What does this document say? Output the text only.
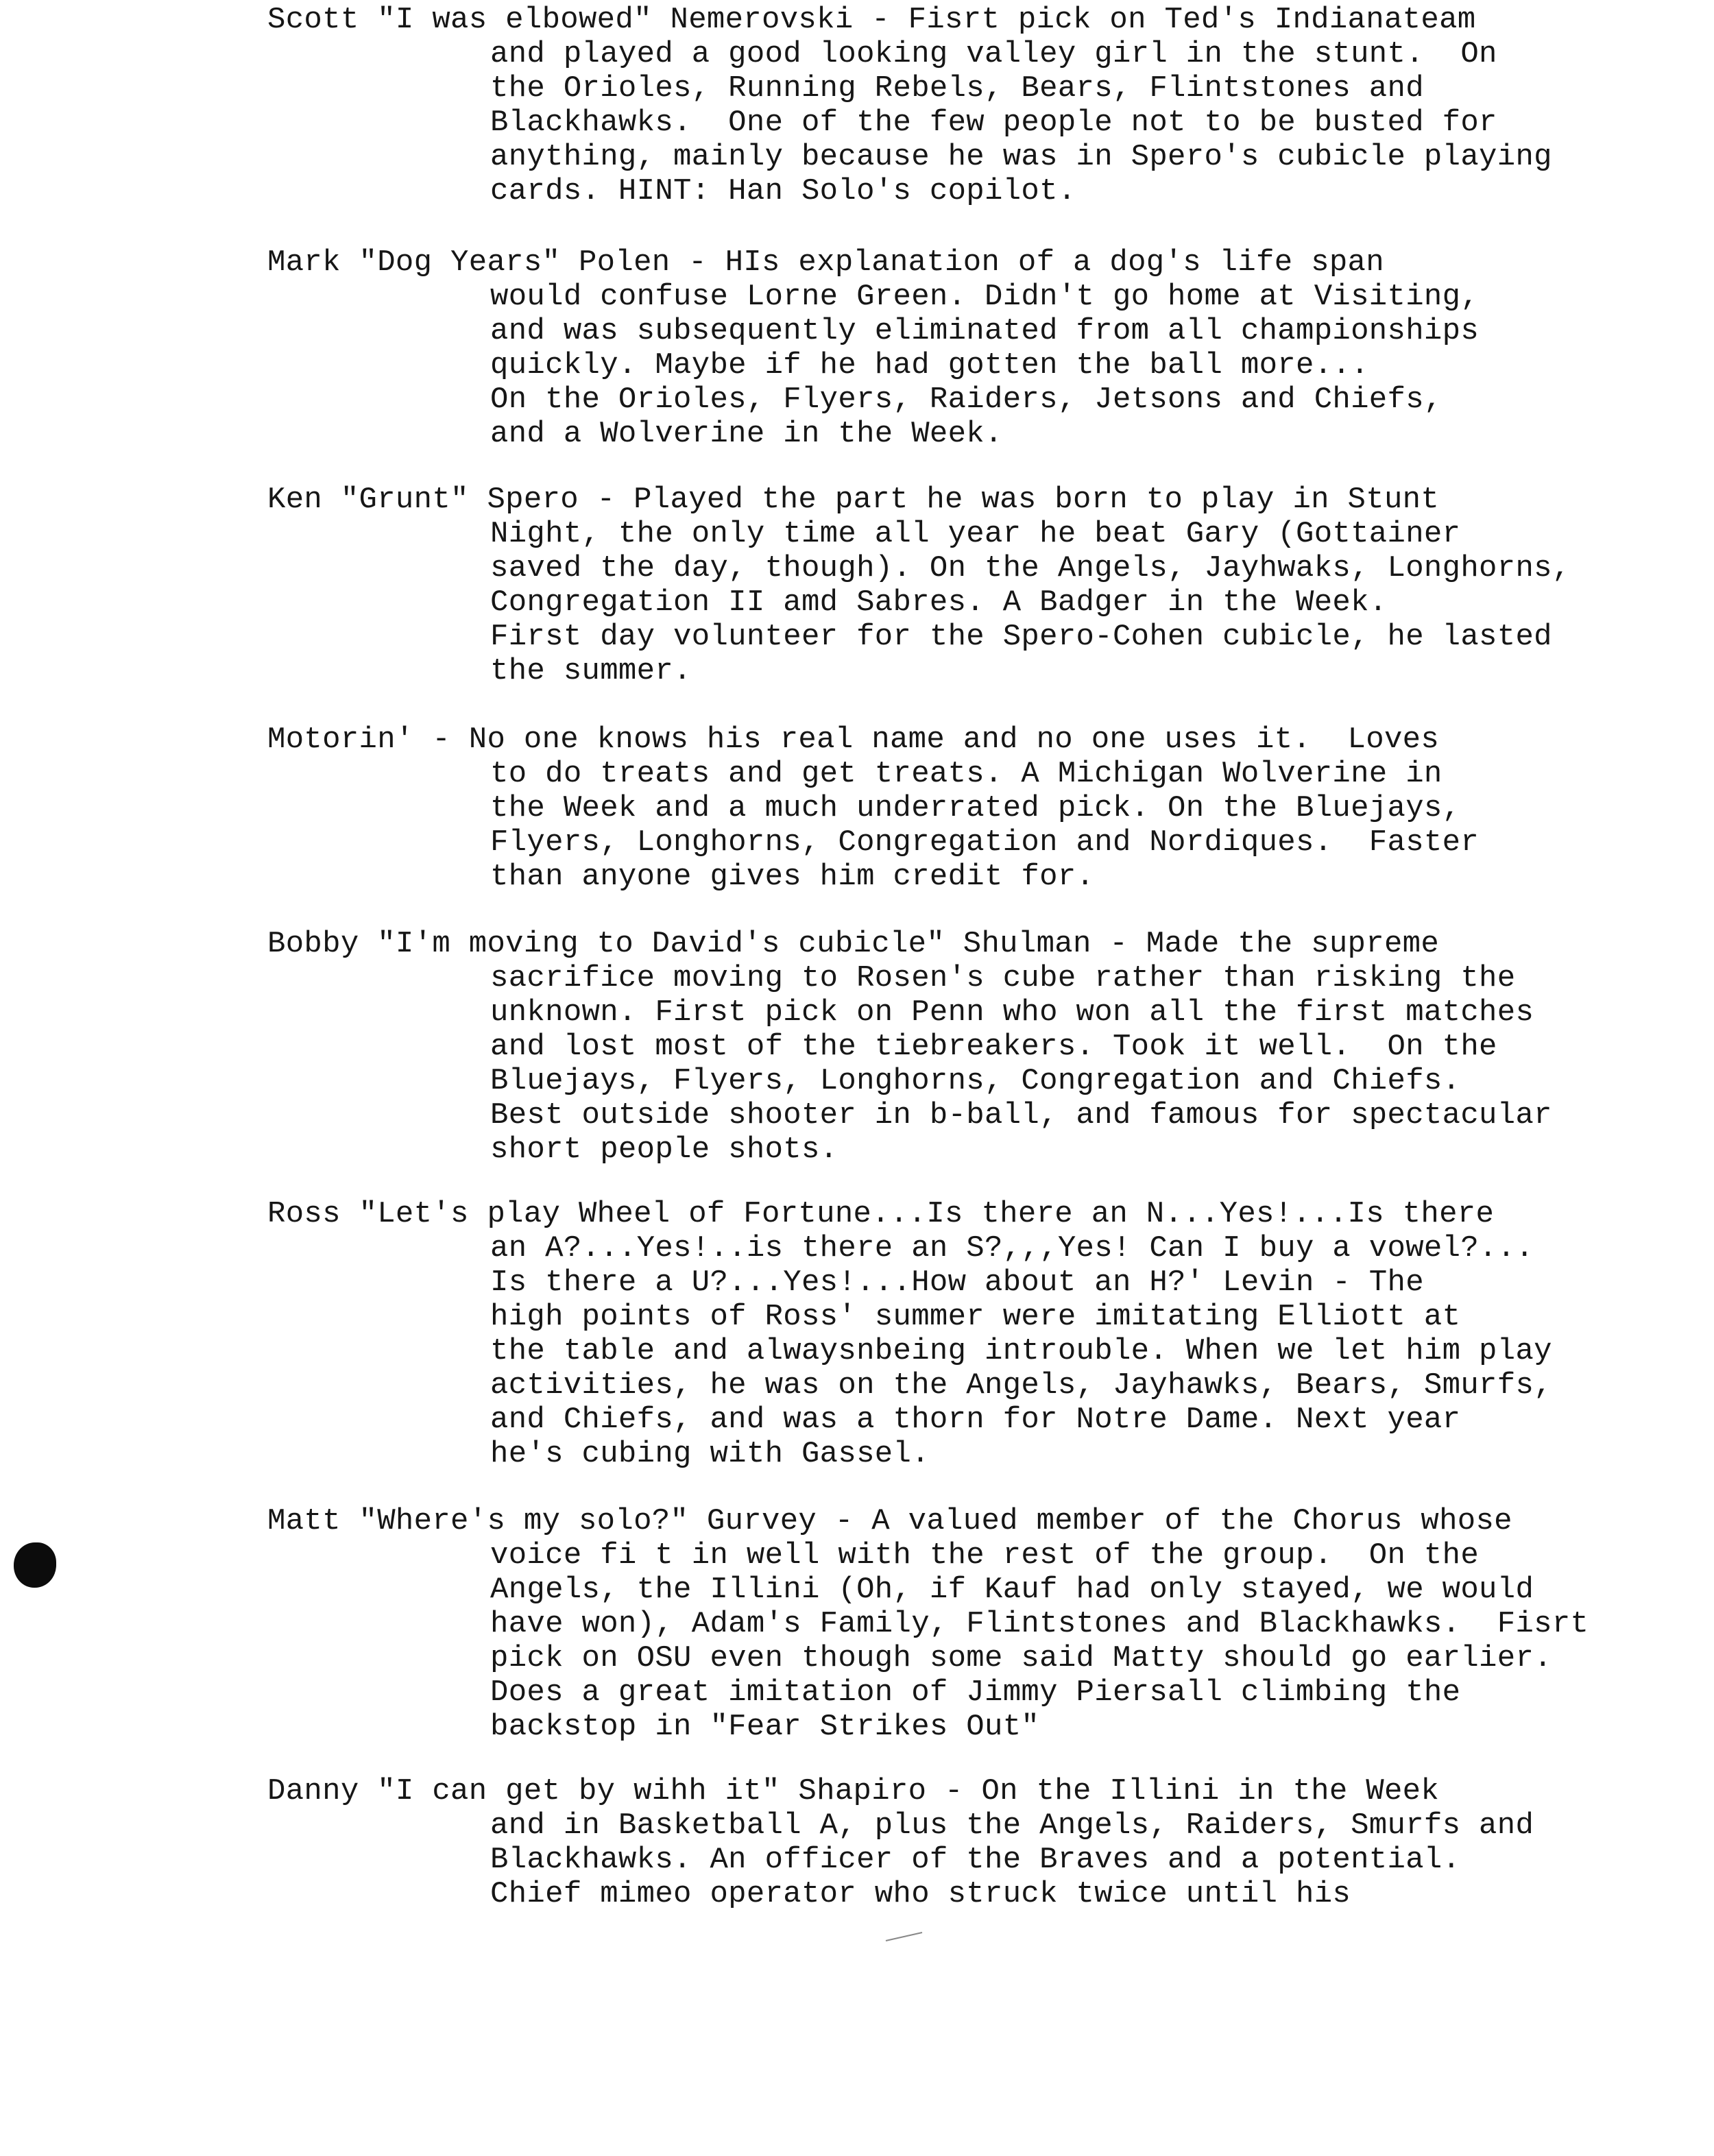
Scott "I was elbowed" Nemerovski - Fisrt pick on Ted's Indianateam
and played a good looking valley girl in the stunt.  On
the Orioles, Running Rebels, Bears, Flintstones and
Blackhawks.  One of the few people not to be busted for
anything, mainly because he was in Spero's cubicle playing
cards. HINT: Han Solo's copilot.
Mark "Dog Years" Polen - HIs explanation of a dog's life span
would confuse Lorne Green. Didn't go home at Visiting,
and was subsequently eliminated from all championships
quickly. Maybe if he had gotten the ball more...
On the Orioles, Flyers, Raiders, Jetsons and Chiefs,
and a Wolverine in the Week.
Ken "Grunt" Spero - Played the part he was born to play in Stunt
Night, the only time all year he beat Gary (Gottainer
saved the day, though). On the Angels, Jayhwaks, Longhorns,
Congregation II amd Sabres. A Badger in the Week.
First day volunteer for the Spero-Cohen cubicle, he lasted
the summer.
Motorin' - No one knows his real name and no one uses it.  Loves
to do treats and get treats. A Michigan Wolverine in
the Week and a much underrated pick. On the Bluejays,
Flyers, Longhorns, Congregation and Nordiques.  Faster
than anyone gives him credit for.
Bobby "I'm moving to David's cubicle" Shulman - Made the supreme
sacrifice moving to Rosen's cube rather than risking the
unknown. First pick on Penn who won all the first matches
and lost most of the tiebreakers. Took it well.  On the
Bluejays, Flyers, Longhorns, Congregation and Chiefs.
Best outside shooter in b-ball, and famous for spectacular
short people shots.
Ross "Let's play Wheel of Fortune...Is there an N...Yes!...Is there
an A?...Yes!..is there an S?,,,Yes! Can I buy a vowel?...
Is there a U?...Yes!...How about an H?' Levin - The
high points of Ross' summer were imitating Elliott at
the table and alwaysnbeing introuble. When we let him play
activities, he was on the Angels, Jayhawks, Bears, Smurfs,
and Chiefs, and was a thorn for Notre Dame. Next year
he's cubing with Gassel.
Matt "Where's my solo?" Gurvey - A valued member of the Chorus whose
voice fi t in well with the rest of the group.  On the
Angels, the Illini (Oh, if Kauf had only stayed, we would
have won), Adam's Family, Flintstones and Blackhawks.  Fisrt
pick on OSU even though some said Matty should go earlier.
Does a great imitation of Jimmy Piersall climbing the
backstop in "Fear Strikes Out"
Danny "I can get by wihh it" Shapiro - On the Illini in the Week
and in Basketball A, plus the Angels, Raiders, Smurfs and
Blackhawks. An officer of the Braves and a potential.
Chief mimeo operator who struck twice until his
